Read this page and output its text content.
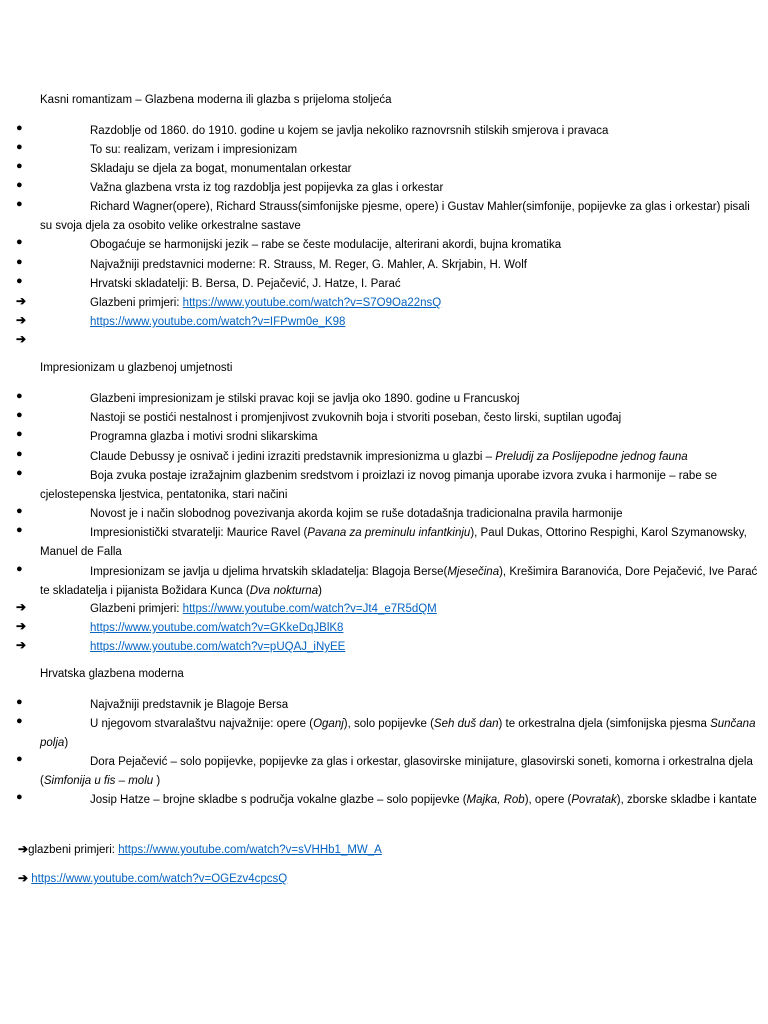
Kasni romantizam – Glazbena moderna ili glazba s prijeloma stoljeća
●	Razdoblje od 1860. do 1910. godine u kojem se javlja nekoliko raznovrsnih stilskih smjerova i pravaca
●	To su: realizam, verizam i impresionizam
●	Skladaju se djela za bogat, monumentalan orkestar
●	Važna glazbena vrsta iz tog razdoblja jest popijevka za glas i orkestar
●	Richard Wagner(opere), Richard Strauss(simfonijske pjesme, opere) i Gustav Mahler(simfonije, popijevke za glas i orkestar) pisali su svoja djela za osobito velike orkestralne sastave
●	Obogaćuje se harmonijski jezik – rabe se česte modulacije, alterirani akordi, bujna kromatika
●	Najvažniji predstavnici moderne: R. Strauss, M. Reger, G. Mahler, A. Skrjabin, H. Wolf
●	Hrvatski skladatelji: B. Bersa, D. Pejačević, J. Hatze, I. Parać
➔	Glazbeni primjeri: https://www.youtube.com/watch?v=S7O9Oa22nsQ
➔	https://www.youtube.com/watch?v=IFPwm0e_K98
➔
Impresionizam u glazbenoj umjetnosti
●	Glazbeni impresionizam je stilski pravac koji se javlja oko 1890. godine u Francuskoj
●	Nastoji se postići nestalnost i promjenjivost zvukovnih boja i stvoriti poseban, često lirski, suptilan ugođaj
●	Programna glazba i motivi srodni slikarskima
●	Claude Debussy je osnivač i jedini izraziti predstavnik impresionizma u glazbi – Preludij za Poslijepodne jednog fauna
●	Boja zvuka postaje izražajnim glazbenim sredstvom i proizlazi iz novog pimanja uporabe izvora zvuka i harmonije – rabe se cjelostepenska ljestvica, pentatonika, stari načini
●	Novost je i način slobodnog povezivanja akorda kojim se ruše dotadašnja tradicionalna pravila harmonije
●	Impresionistički stvaratelji: Maurice Ravel (Pavana za preminulu infantkinju), Paul Dukas, Ottorino Respighi, Karol Szymanowsky, Manuel de Falla
●	Impresionizam se javlja u djelima hrvatskih skladatelja: Blagoja Berse(Mjesečina), Krešimira Baranovića, Dore Pejačević, Ive Parać te skladatelja i pijanista Božidara Kunca (Dva nokturna)
➔	Glazbeni primjeri: https://www.youtube.com/watch?v=Jt4_e7R5dQM
➔	https://www.youtube.com/watch?v=GKkeDqJBlK8
➔	https://www.youtube.com/watch?v=pUQAJ_iNyEE
Hrvatska glazbena moderna
●	Najvažniji predstavnik je Blagoje Bersa
●	U njegovom stvaralaštvu najvažnije: opere (Oganj), solo popijevke (Seh duš dan) te orkestralna djela (simfonijska pjesma Sunčana polja)
●	Dora Pejačević – solo popijevke, popijevke za glas i orkestar, glasovirske minijature, glasovirski soneti, komorna i orkestralna djela (Simfonija u fis – molu )
●	Josip Hatze – brojne skladbe s područja vokalne glazbe – solo popijevke (Majka, Rob), opere (Povratak), zborske skladbe i kantate
➔glazbeni primjeri: https://www.youtube.com/watch?v=sVHHb1_MW_A
➔ https://www.youtube.com/watch?v=OGEzv4cpcsQ
